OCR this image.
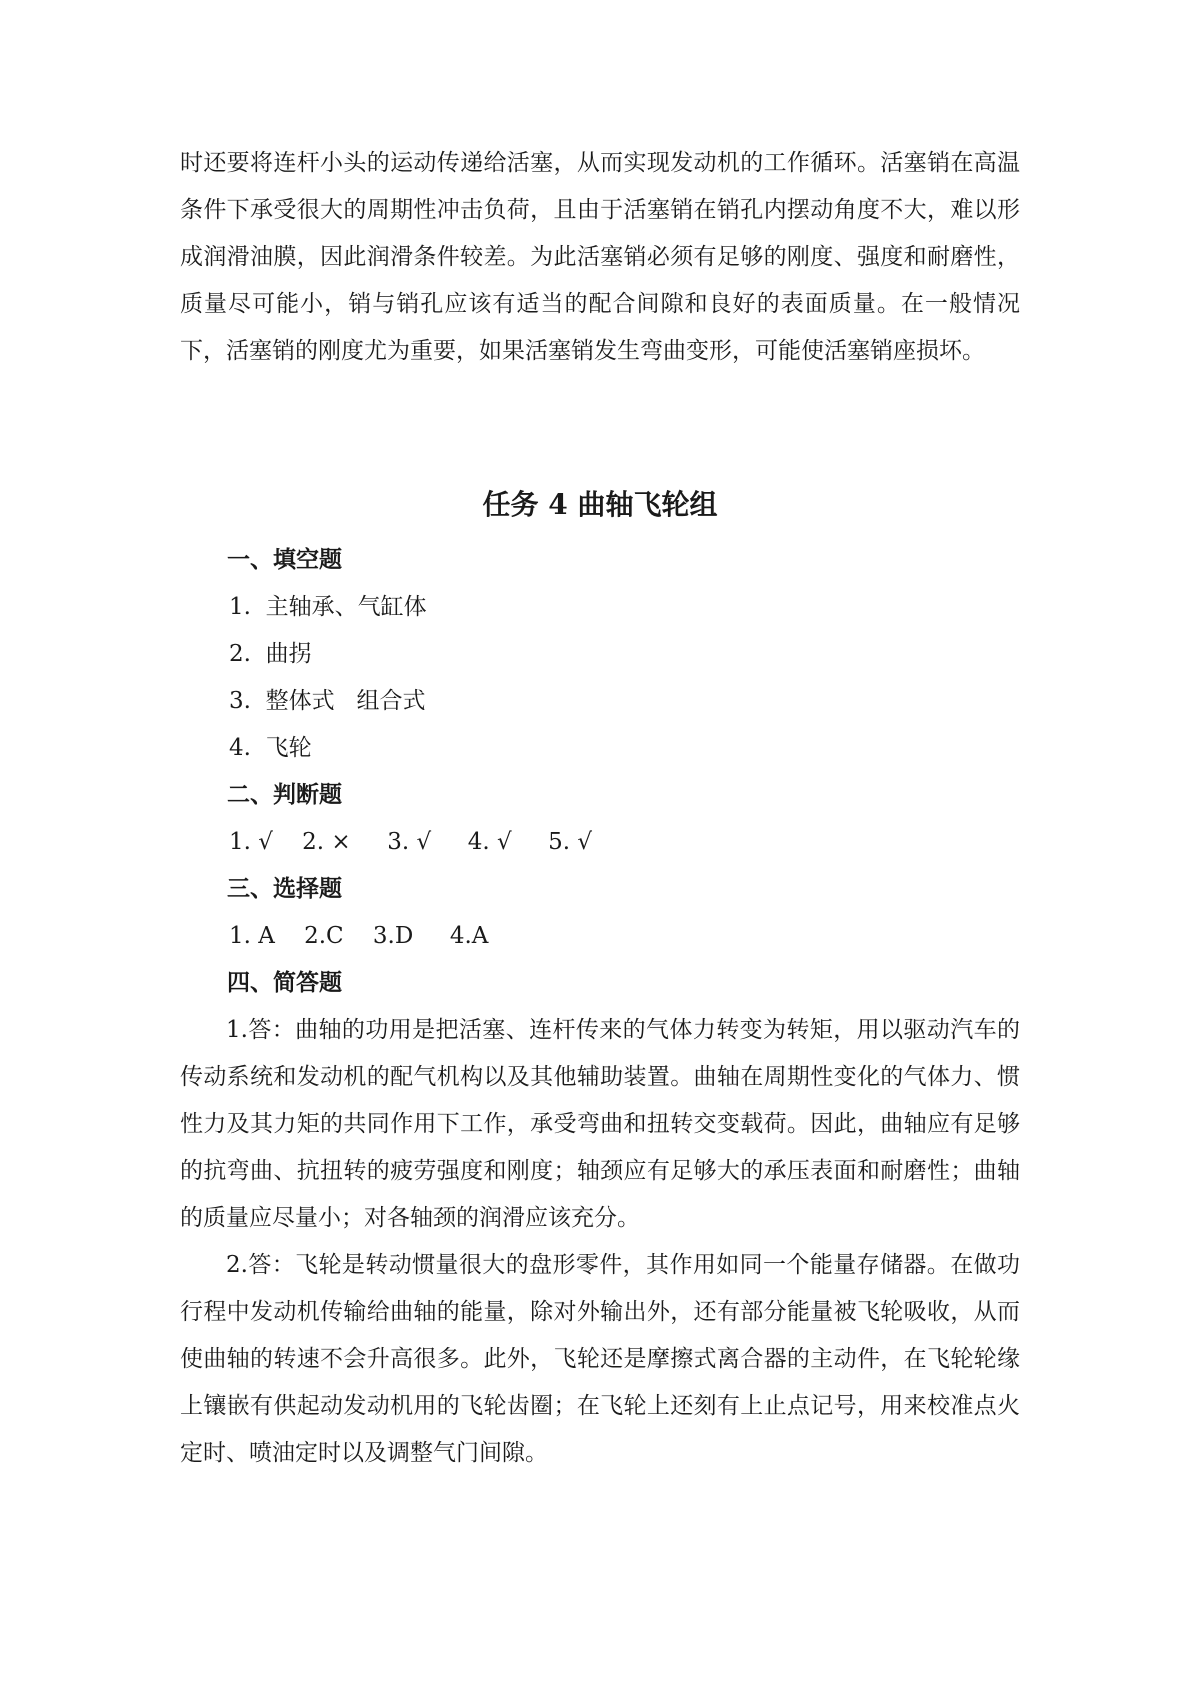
时还要将连杆小头的运动传递给活塞，从而实现发动机的工作循环。活塞销在高温条件下承受很大的周期性冲击负荷，且由于活塞销在销孔内摆动角度不大，难以形成润滑油膜，因此润滑条件较差。为此活塞销必须有足够的刚度、强度和耐磨性，质量尽可能小，销与销孔应该有适当的配合间隙和良好的表面质量。在一般情况下，活塞销的刚度尤为重要，如果活塞销发生弯曲变形，可能使活塞销座损坏。

任务 4 曲轴飞轮组

一、填空题

1.  主轴承、气缸体

2.  曲拐

3.  整体式   组合式

4.  飞轮

二、判断题

1. √    2. ×     3. √     4. √     5. √

三、选择题

1. A    2.C    3.D     4.A

四、简答题

1.答：曲轴的功用是把活塞、连杆传来的气体力转变为转矩，用以驱动汽车的传动系统和发动机的配气机构以及其他辅助装置。曲轴在周期性变化的气体力、惯性力及其力矩的共同作用下工作，承受弯曲和扭转交变载荷。因此，曲轴应有足够的抗弯曲、抗扭转的疲劳强度和刚度；轴颈应有足够大的承压表面和耐磨性；曲轴的质量应尽量小；对各轴颈的润滑应该充分。

2.答：飞轮是转动惯量很大的盘形零件，其作用如同一个能量存储器。在做功行程中发动机传输给曲轴的能量，除对外输出外，还有部分能量被飞轮吸收，从而使曲轴的转速不会升高很多。此外，飞轮还是摩擦式离合器的主动件，在飞轮轮缘上镶嵌有供起动发动机用的飞轮齿圈；在飞轮上还刻有上止点记号，用来校准点火定时、喷油定时以及调整气门间隙。
